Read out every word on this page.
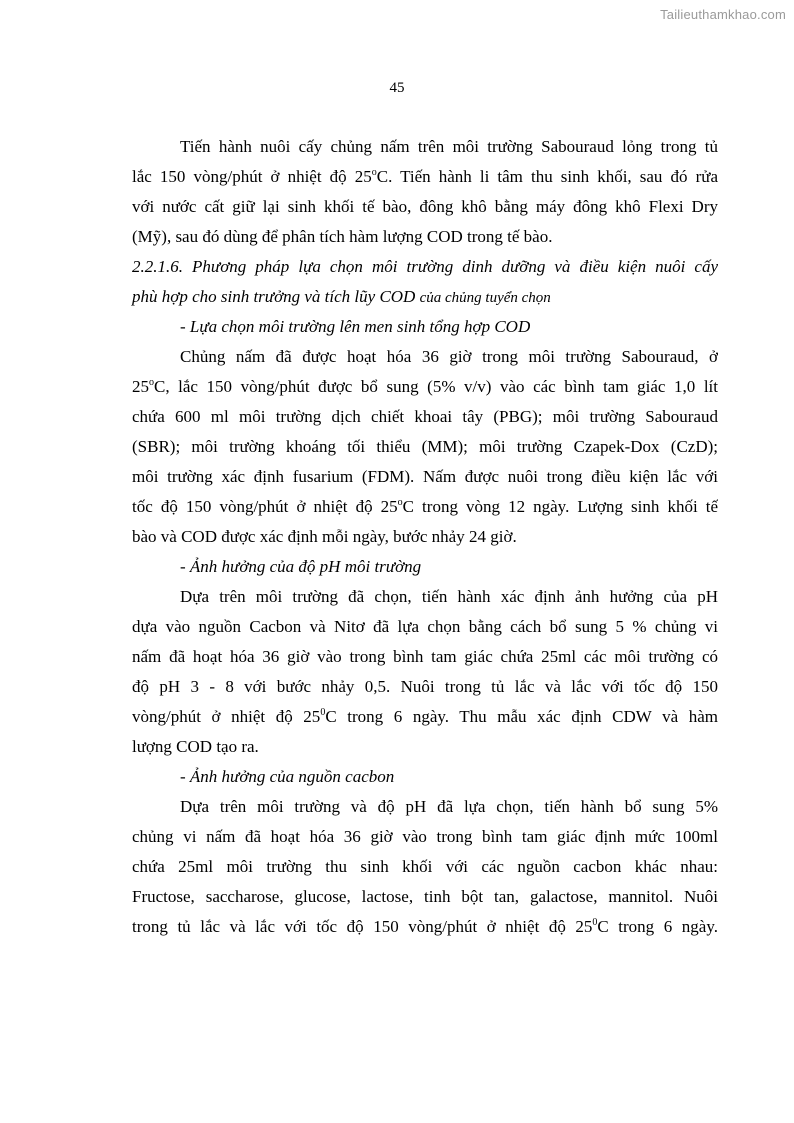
Tailieuthamkhao.com
45
Tiến hành nuôi cấy chủng nấm trên môi trường Sabouraud lỏng trong tủ
lắc 150 vòng/phút ở nhiệt độ 25$^o$C. Tiến hành li tâm thu sinh khối, sau đó rửa
với nước cất giữ lại sinh khối tế bào, đông khô bằng máy đông khô Flexi Dry
(Mỹ), sau đó dùng để phân tích hàm lượng COD trong tế bào.
2.2.1.6. Phương pháp lựa chọn môi trường dinh dưỡng và điều kiện nuôi cấy
phù hợp cho sinh trưởng và tích lũy COD của chủng tuyển chọn
- Lựa chọn môi trường lên men sinh tổng hợp COD
Chủng nấm đã được hoạt hóa 36 giờ trong môi trường Sabouraud, ở
25$^o$C, lắc 150 vòng/phút được bổ sung (5% v/v) vào các bình tam giác 1,0 lít
chứa 600 ml môi trường dịch chiết khoai tây (PBG); môi trường Sabouraud
(SBR); môi trường khoáng tối thiểu (MM); môi trường Czapek-Dox (CzD);
môi trường xác định fusarium (FDM). Nấm được nuôi trong điều kiện lắc với
tốc độ 150 vòng/phút ở nhiệt độ 25$^o$C trong vòng 12 ngày. Lượng sinh khối tế
bào và COD được xác định mỗi ngày, bước nhảy 24 giờ.
- Ảnh hưởng của độ pH môi trường
Dựa trên môi trường đã chọn, tiến hành xác định ảnh hưởng của pH
dựa vào nguồn Cacbon và Nitơ đã lựa chọn bằng cách bổ sung 5 % chủng vi
nấm đã hoạt hóa 36 giờ vào trong bình tam giác chứa 25ml các môi trường có
độ pH 3 - 8 với bước nhảy 0,5. Nuôi trong tủ lắc và lắc với tốc độ 150
vòng/phút ở nhiệt độ $25^0C$ trong 6 ngày. Thu mẫu xác định CDW và hàm
lượng COD tạo ra.
- Ảnh hưởng của nguồn cacbon
Dựa trên môi trường và độ pH đã lựa chọn, tiến hành bổ sung 5%
chủng vi nấm đã hoạt hóa 36 giờ vào trong bình tam giác định mức 100ml
chứa 25ml môi trường thu sinh khối với các nguồn cacbon khác nhau:
Fructose, saccharose, glucose, lactose, tinh bột tan, galactose, mannitol. Nuôi
trong tủ lắc và lắc với tốc độ 150 vòng/phút ở nhiệt độ $25^0C$ trong 6 ngày.
